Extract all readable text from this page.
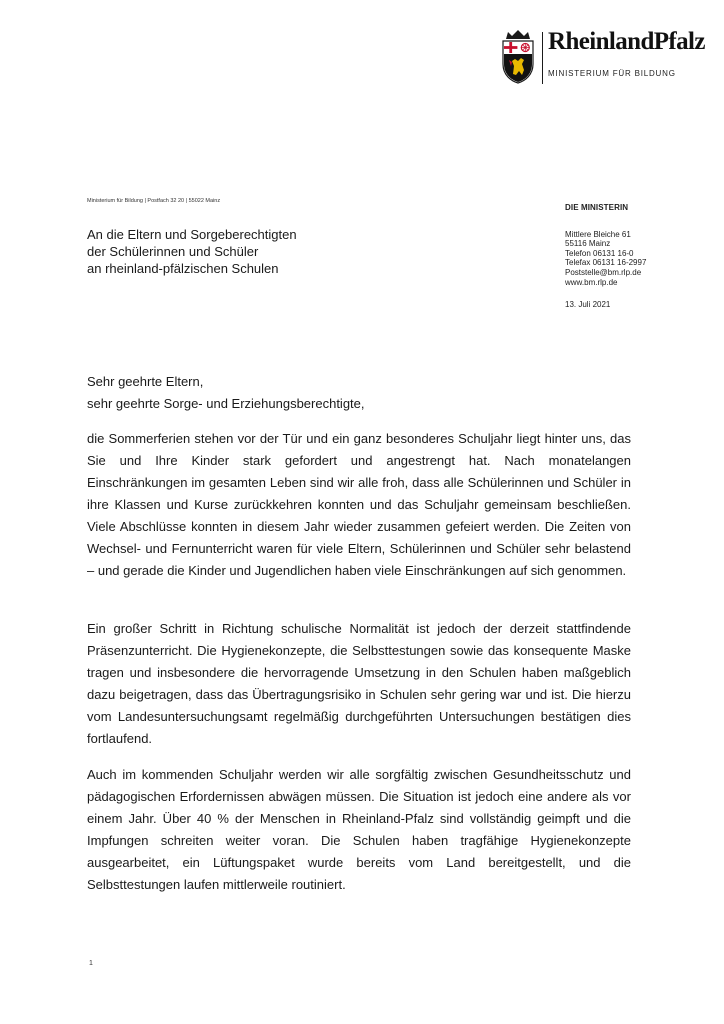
RheinlandPfalz
MINISTERIUM FÜR BILDUNG
Ministerium für Bildung | Postfach 32 20 | 55022 Mainz
An die Eltern und Sorgeberechtigten
der Schülerinnen und Schüler
an rheinland-pfälzischen Schulen
DIE MINISTERIN
Mittlere Bleiche 61
55116 Mainz
Telefon 06131 16-0
Telefax 06131 16-2997
Poststelle@bm.rlp.de
www.bm.rlp.de
13. Juli 2021
Sehr geehrte Eltern,
sehr geehrte Sorge- und Erziehungsberechtigte,
die Sommerferien stehen vor der Tür und ein ganz besonderes Schuljahr liegt hinter uns, das Sie und Ihre Kinder stark gefordert und angestrengt hat. Nach monatelangen Einschränkungen im gesamten Leben sind wir alle froh, dass alle Schülerinnen und Schüler in ihre Klassen und Kurse zurückkehren konnten und das Schuljahr gemeinsam beschließen. Viele Abschlüsse konnten in diesem Jahr wieder zusammen gefeiert werden. Die Zeiten von Wechsel- und Fernunterricht waren für viele Eltern, Schülerinnen und Schüler sehr belastend – und gerade die Kinder und Jugendlichen haben viele Einschränkungen auf sich genommen.
Ein großer Schritt in Richtung schulische Normalität ist jedoch der derzeit stattfindende Präsenzunterricht. Die Hygienekonzepte, die Selbsttestungen sowie das konsequente Maske tragen und insbesondere die hervorragende Umsetzung in den Schulen haben maßgeblich dazu beigetragen, dass das Übertragungsrisiko in Schulen sehr gering war und ist. Die hierzu vom Landesuntersuchungsamt regelmäßig durchgeführten Untersuchungen bestätigen dies fortlaufend.
Auch im kommenden Schuljahr werden wir alle sorgfältig zwischen Gesundheitsschutz und pädagogischen Erfordernissen abwägen müssen. Die Situation ist jedoch eine andere als vor einem Jahr. Über 40 % der Menschen in Rheinland-Pfalz sind vollständig geimpft und die Impfungen schreiten weiter voran. Die Schulen haben tragfähige Hygienekonzepte ausgearbeitet, ein Lüftungspaket wurde bereits vom Land bereitgestellt, und die Selbsttestungen laufen mittlerweile routiniert.
1
